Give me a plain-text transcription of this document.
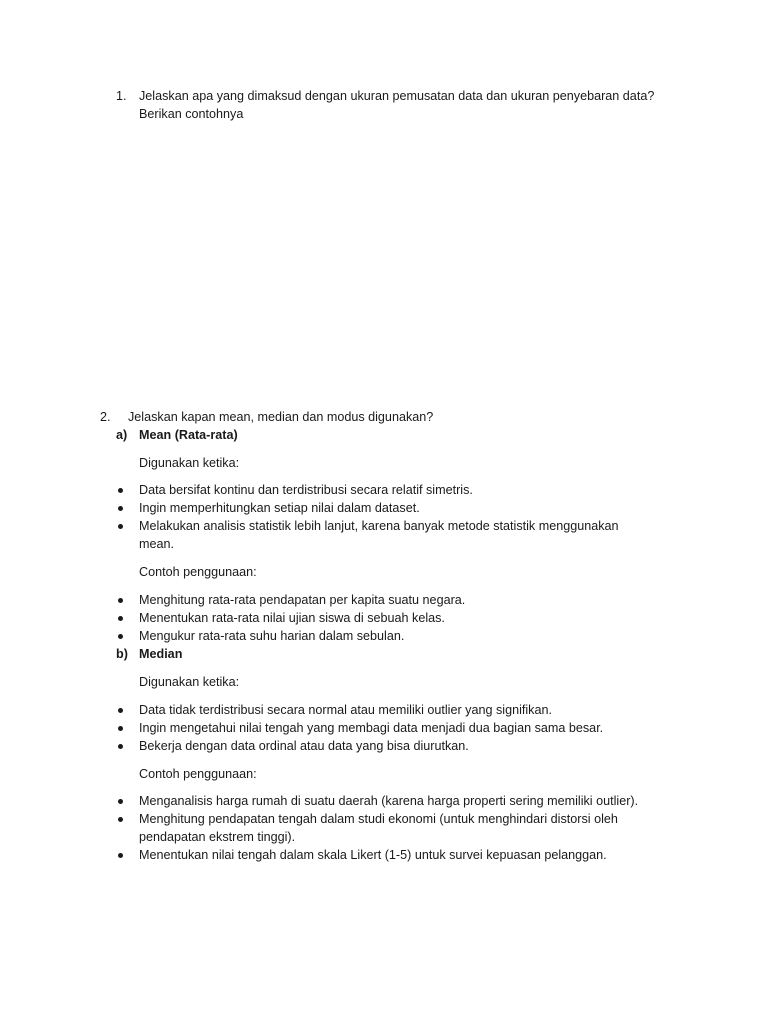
1. Jelaskan apa yang dimaksud dengan ukuran pemusatan data dan ukuran penyebaran data?
Berikan contohnya
2. Jelaskan kapan mean, median dan modus digunakan?
a) Mean (Rata-rata)
Digunakan ketika:
Data bersifat kontinu dan terdistribusi secara relatif simetris.
Ingin memperhitungkan setiap nilai dalam dataset.
Melakukan analisis statistik lebih lanjut, karena banyak metode statistik menggunakan
mean.
Contoh penggunaan:
Menghitung rata-rata pendapatan per kapita suatu negara.
Menentukan rata-rata nilai ujian siswa di sebuah kelas.
Mengukur rata-rata suhu harian dalam sebulan.
b) Median
Digunakan ketika:
Data tidak terdistribusi secara normal atau memiliki outlier yang signifikan.
Ingin mengetahui nilai tengah yang membagi data menjadi dua bagian sama besar.
Bekerja dengan data ordinal atau data yang bisa diurutkan.
Contoh penggunaan:
Menganalisis harga rumah di suatu daerah (karena harga properti sering memiliki outlier).
Menghitung pendapatan tengah dalam studi ekonomi (untuk menghindari distorsi oleh
pendapatan ekstrem tinggi).
Menentukan nilai tengah dalam skala Likert (1-5) untuk survei kepuasan pelanggan.
